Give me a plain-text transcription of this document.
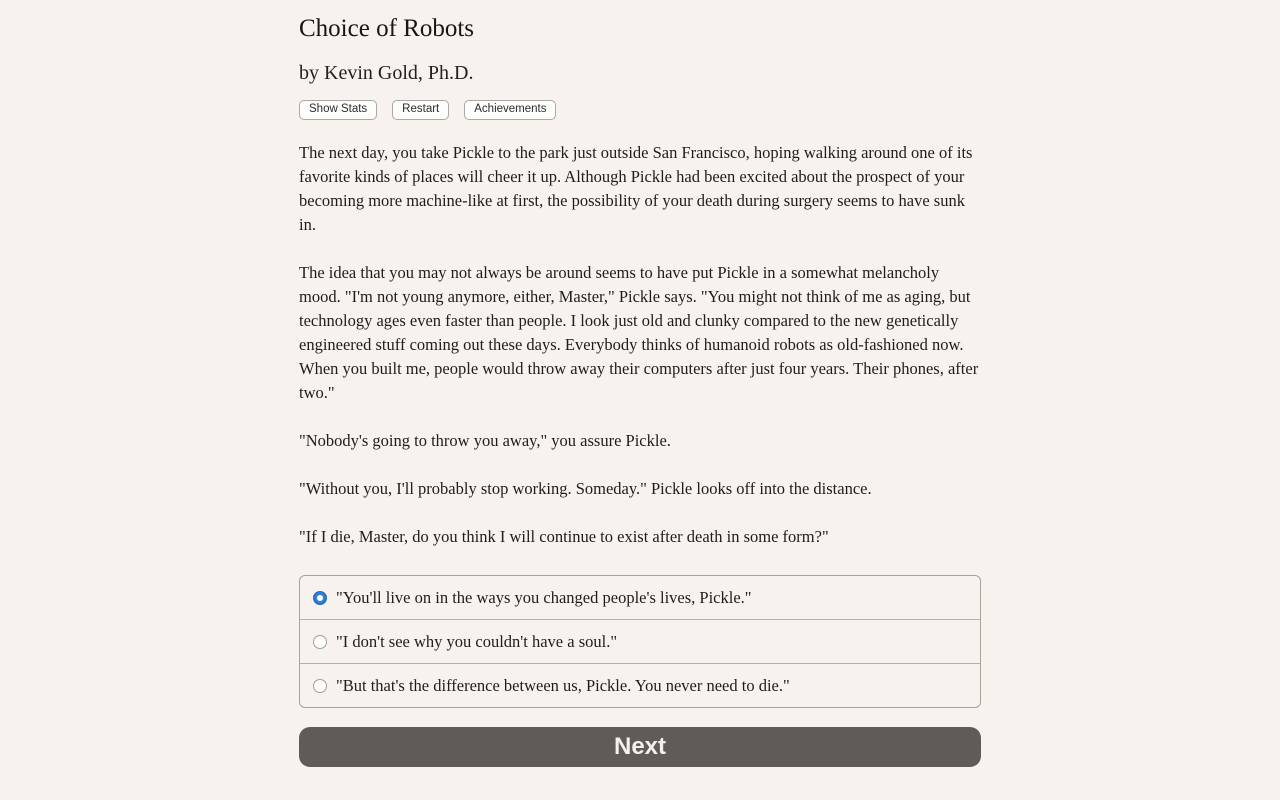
Choice of Robots

by Kevin Gold, Ph.D.

Show Stats	Restart	Achievements

The next day, you take Pickle to the park just outside San Francisco, hoping walking around one of its favorite kinds of places will cheer it up. Although Pickle had been excited about the prospect of your becoming more machine-like at first, the possibility of your death during surgery seems to have sunk in.

The idea that you may not always be around seems to have put Pickle in a somewhat melancholy mood. "I'm not young anymore, either, Master," Pickle says. "You might not think of me as aging, but technology ages even faster than people. I look just old and clunky compared to the new genetically engineered stuff coming out these days. Everybody thinks of humanoid robots as old-fashioned now. When you built me, people would throw away their computers after just four years. Their phones, after two."

"Nobody's going to throw you away," you assure Pickle.

"Without you, I'll probably stop working. Someday." Pickle looks off into the distance.

"If I die, Master, do you think I will continue to exist after death in some form?"

"You'll live on in the ways you changed people's lives, Pickle."
"I don't see why you couldn't have a soul."
"But that's the difference between us, Pickle. You never need to die."
Next
